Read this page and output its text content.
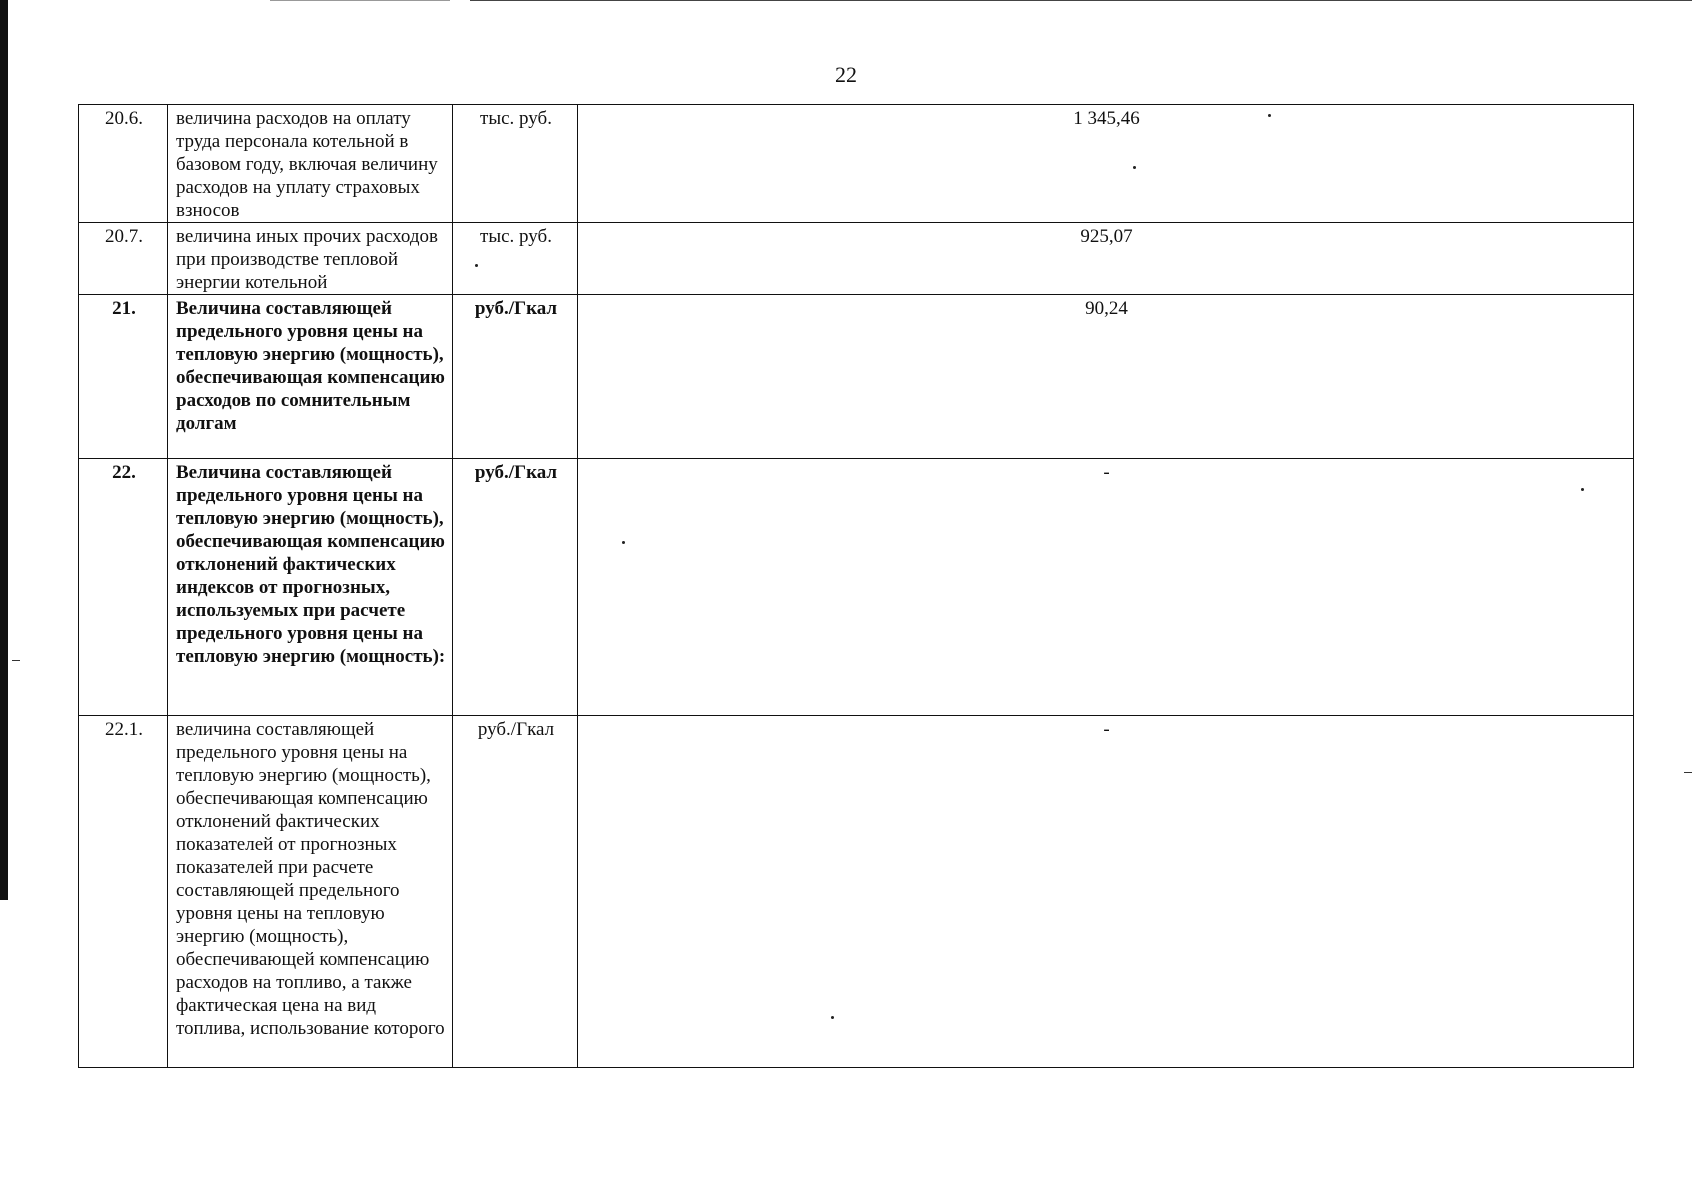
22
20.6.	величина расходов на оплату труда персонала котельной в базовом году, включая величину расходов на уплату страховых взносов	тыс. руб.	1 345,46
20.7.	величина иных прочих расходов при производстве тепловой энергии котельной	тыс. руб.	925,07
21.	Величина составляющей предельного уровня цены на тепловую энергию (мощность), обеспечивающая компенсацию расходов по сомнительным долгам	руб./Гкал	90,24
22.	Величина составляющей предельного уровня цены на тепловую энергию (мощность), обеспечивающая компенсацию отклонений фактических индексов от прогнозных, используемых при расчете предельного уровня цены на тепловую энергию (мощность):	руб./Гкал	-
22.1.	величина составляющей предельного уровня цены на тепловую энергию (мощность), обеспечивающая компенсацию отклонений фактических показателей от прогнозных показателей при расчете составляющей предельного уровня цены на тепловую энергию (мощность), обеспечивающей компенсацию расходов на топливо, а также фактическая цена на вид топлива, использование которого	руб./Гкал	-
